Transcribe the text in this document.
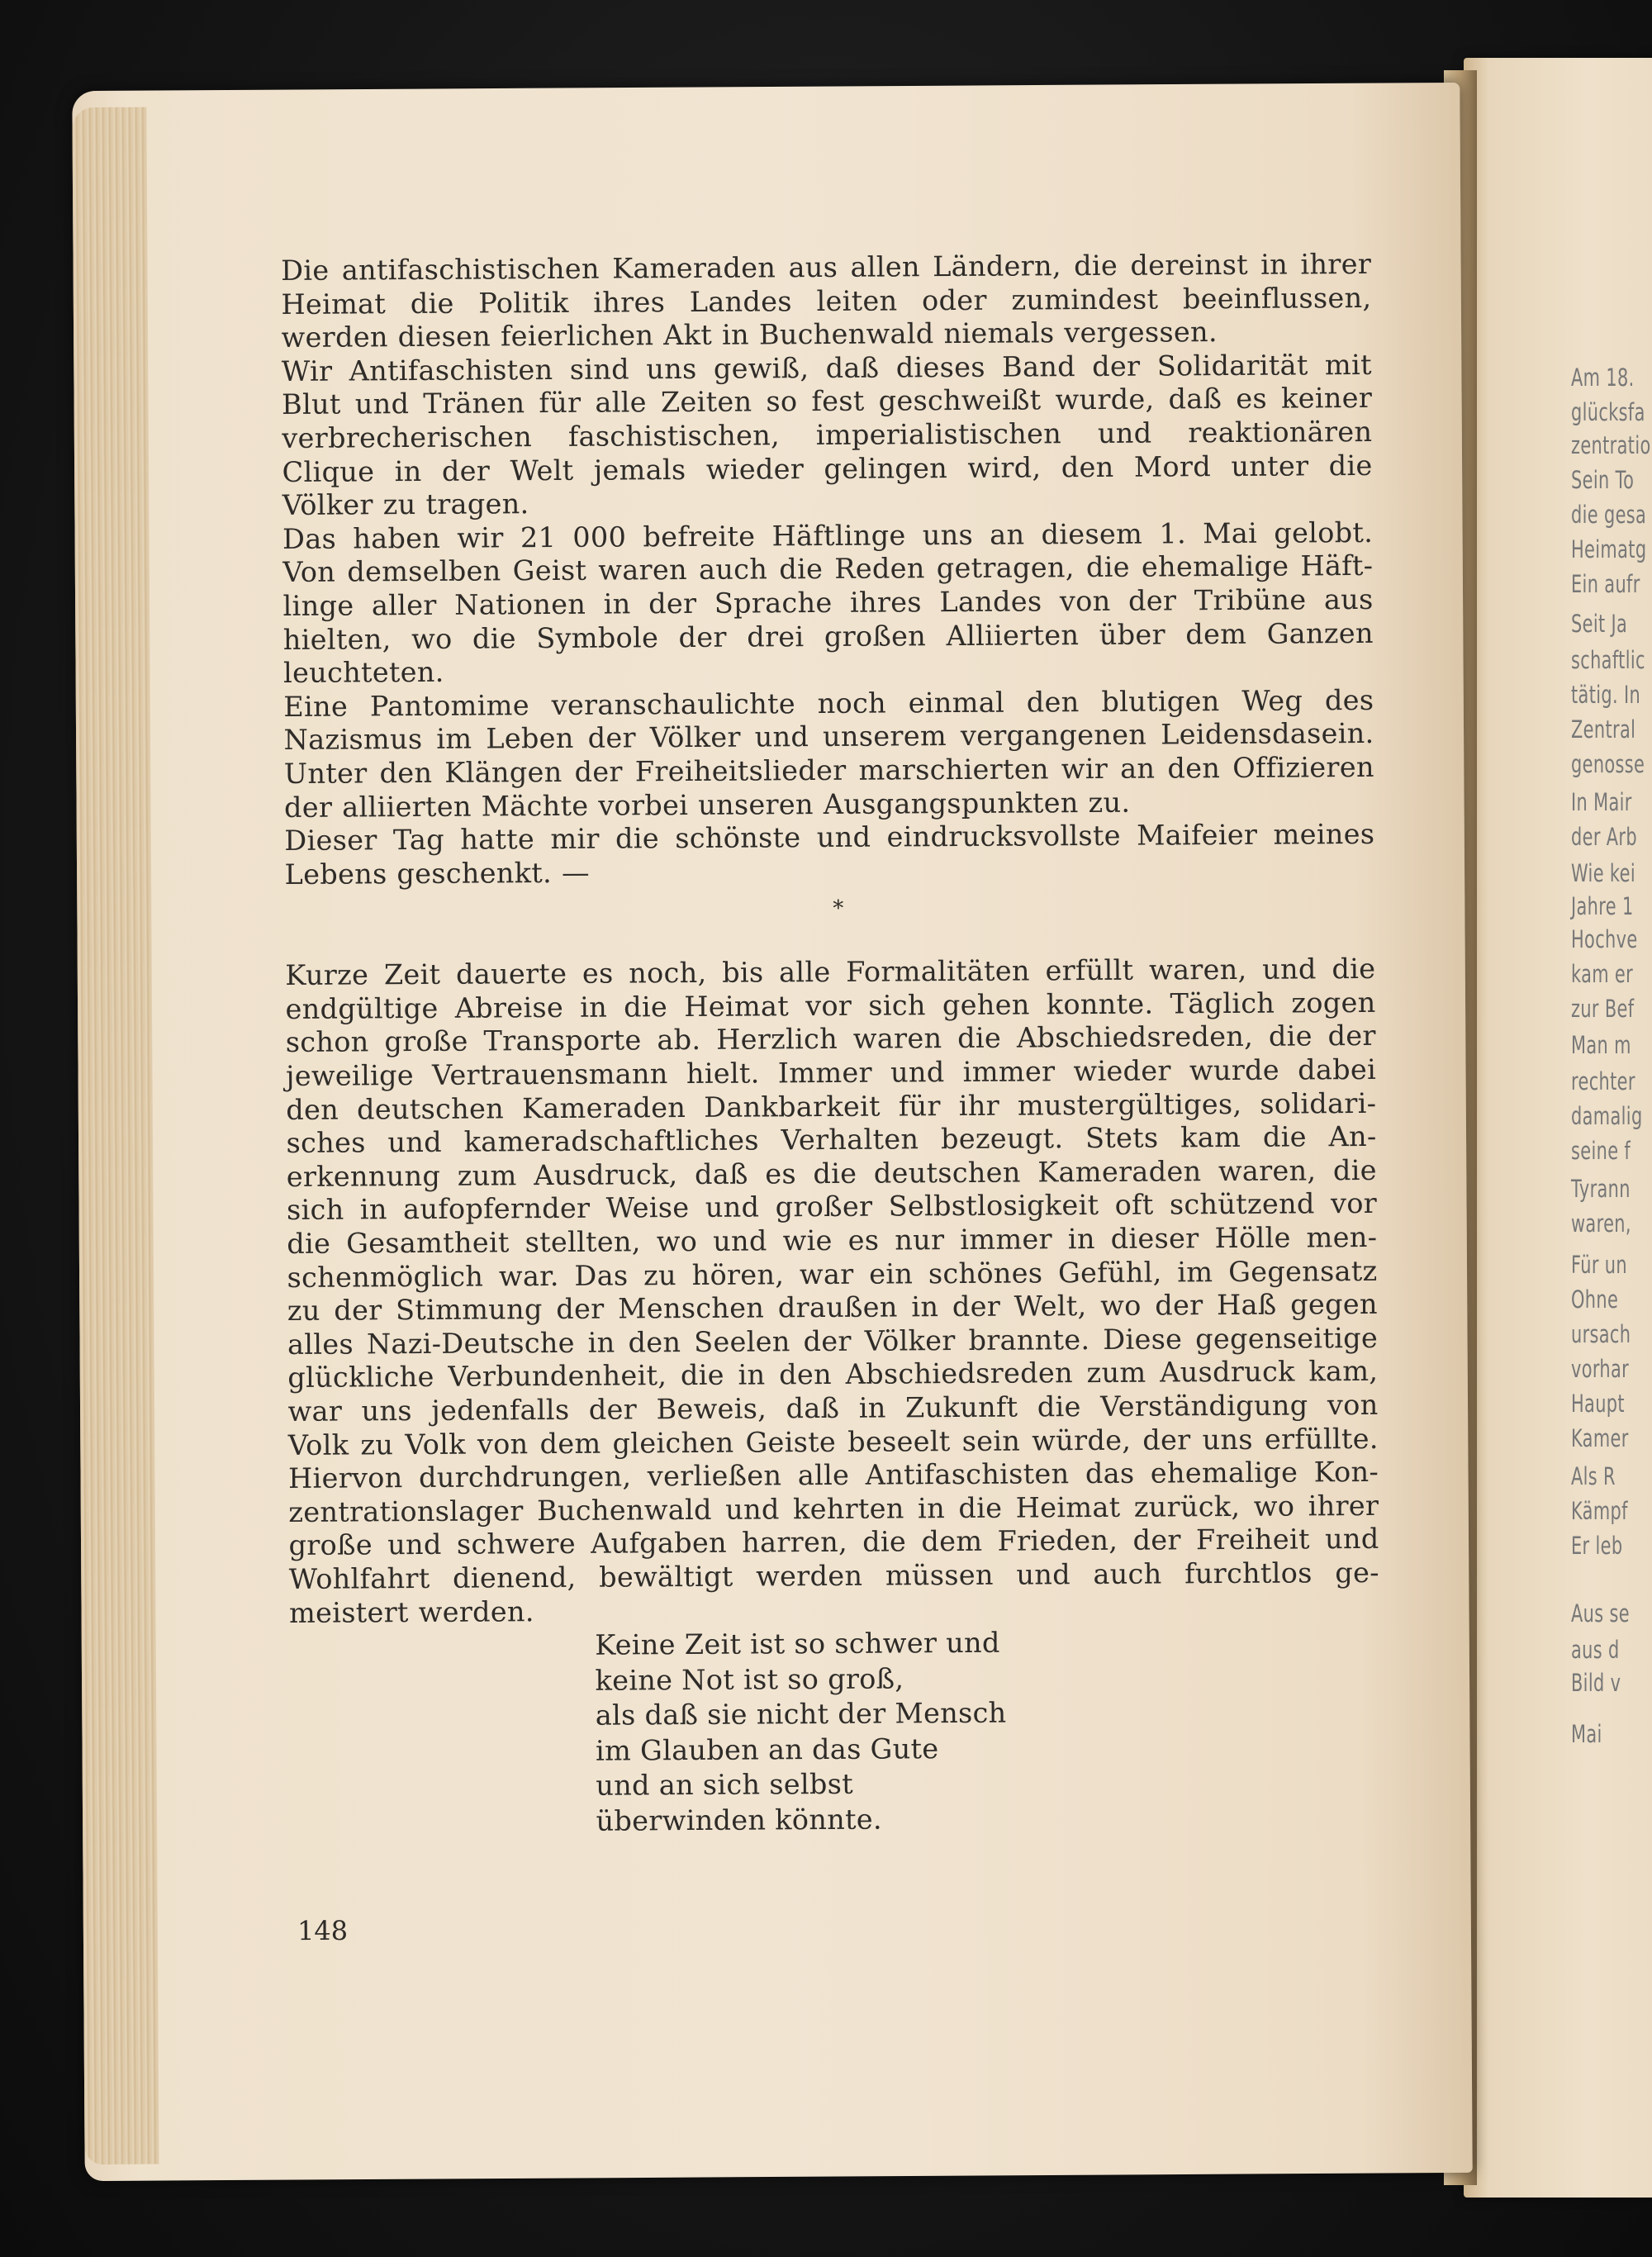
Am 18.
glücksfa
zentratio
Sein To
die gesa
Heimatg
Ein aufr
Seit Ja
schaftlic
tätig. In
Zentral
genosse
In Mair
der Arb
Wie kei
Jahre 1
Hochve
kam er
zur Bef
Man m
rechter
damalig
seine f
Tyrann
waren,
Für un
Ohne
ursach
vorhar
Haupt
Kamer
Als R
Kämpf
Er leb
Aus se
aus d
Bild v
Mai
Die antifaschistischen Kameraden aus allen Ländern, die dereinst in ihrer
Heimat die Politik ihres Landes leiten oder zumindest beeinflussen,
werden diesen feierlichen Akt in Buchenwald niemals vergessen.
Wir Antifaschisten sind uns gewiß, daß dieses Band der Solidarität mit
Blut und Tränen für alle Zeiten so fest geschweißt wurde, daß es keiner
verbrecherischen faschistischen, imperialistischen und reaktionären
Clique in der Welt jemals wieder gelingen wird, den Mord unter die
Völker zu tragen.
Das haben wir 21 000 befreite Häftlinge uns an diesem 1. Mai gelobt.
Von demselben Geist waren auch die Reden getragen, die ehemalige Häft-
linge aller Nationen in der Sprache ihres Landes von der Tribüne aus
hielten, wo die Symbole der drei großen Alliierten über dem Ganzen
leuchteten.
Eine Pantomime veranschaulichte noch einmal den blutigen Weg des
Nazismus im Leben der Völker und unserem vergangenen Leidensdasein.
Unter den Klängen der Freiheitslieder marschierten wir an den Offizieren
der alliierten Mächte vorbei unseren Ausgangspunkten zu.
Dieser Tag hatte mir die schönste und eindrucksvollste Maifeier meines
Lebens geschenkt. —
*
Kurze Zeit dauerte es noch, bis alle Formalitäten erfüllt waren, und die
endgültige Abreise in die Heimat vor sich gehen konnte. Täglich zogen
schon große Transporte ab. Herzlich waren die Abschiedsreden, die der
jeweilige Vertrauensmann hielt. Immer und immer wieder wurde dabei
den deutschen Kameraden Dankbarkeit für ihr mustergültiges, solidari-
sches und kameradschaftliches Verhalten bezeugt. Stets kam die An-
erkennung zum Ausdruck, daß es die deutschen Kameraden waren, die
sich in aufopfernder Weise und großer Selbstlosigkeit oft schützend vor
die Gesamtheit stellten, wo und wie es nur immer in dieser Hölle men-
schenmöglich war. Das zu hören, war ein schönes Gefühl, im Gegensatz
zu der Stimmung der Menschen draußen in der Welt, wo der Haß gegen
alles Nazi-Deutsche in den Seelen der Völker brannte. Diese gegenseitige
glückliche Verbundenheit, die in den Abschiedsreden zum Ausdruck kam,
war uns jedenfalls der Beweis, daß in Zukunft die Verständigung von
Volk zu Volk von dem gleichen Geiste beseelt sein würde, der uns erfüllte.
Hiervon durchdrungen, verließen alle Antifaschisten das ehemalige Kon-
zentrationslager Buchenwald und kehrten in die Heimat zurück, wo ihrer
große und schwere Aufgaben harren, die dem Frieden, der Freiheit und
Wohlfahrt dienend, bewältigt werden müssen und auch furchtlos ge-
meistert werden.
Keine Zeit ist so schwer und
keine Not ist so groß,
als daß sie nicht der Mensch
im Glauben an das Gute
und an sich selbst
überwinden könnte.
148
